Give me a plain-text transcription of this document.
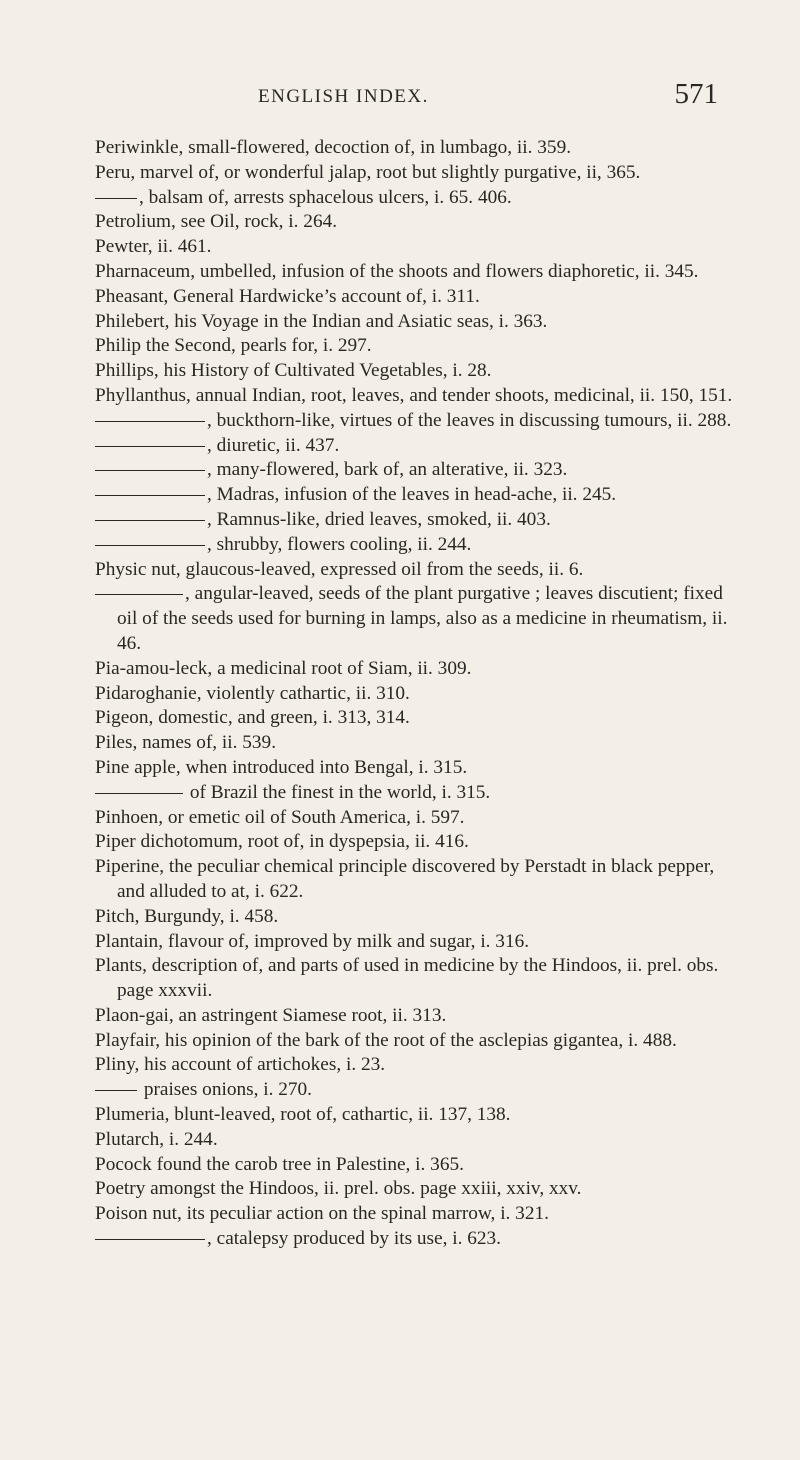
ENGLISH INDEX.	571

Periwinkle, small-flowered, decoction of, in lumbago, ii. 359.

Peru, marvel of, or wonderful jalap, root but slightly purgative, ii, 365.

, balsam of, arrests sphacelous ulcers, i. 65. 406.

Petrolium, see Oil, rock, i. 264.

Pewter, ii. 461.

Pharnaceum, umbelled, infusion of the shoots and flowers diaphoretic, ii. 345.

Pheasant, General Hardwicke’s account of, i. 311.

Philebert, his Voyage in the Indian and Asiatic seas, i. 363.

Philip the Second, pearls for, i. 297.

Phillips, his History of Cultivated Vegetables, i. 28.

Phyllanthus, annual Indian, root, leaves, and tender shoots, medicinal, ii. 150, 151.

, buckthorn-like, virtues of the leaves in discussing tumours, ii. 288.

, diuretic, ii. 437.

, many-flowered, bark of, an alterative, ii. 323.

, Madras, infusion of the leaves in head-ache, ii. 245.

, Ramnus-like, dried leaves, smoked, ii. 403.

, shrubby, flowers cooling, ii. 244.

Physic nut, glaucous-leaved, expressed oil from the seeds, ii. 6.

, angular-leaved, seeds of the plant purgative ; leaves discutient; fixed oil of the seeds used for burning in lamps, also as a medicine in rheumatism, ii. 46.

Pia-amou-leck, a medicinal root of Siam, ii. 309.

Pidaroghanie, violently cathartic, ii. 310.

Pigeon, domestic, and green, i. 313, 314.

Piles, names of, ii. 539.

Pine apple, when introduced into Bengal, i. 315.

of Brazil the finest in the world, i. 315.

Pinhoen, or emetic oil of South America, i. 597.

Piper dichotomum, root of, in dyspepsia, ii. 416.

Piperine, the peculiar chemical principle discovered by Perstadt in black pepper, and alluded to at, i. 622.

Pitch, Burgundy, i. 458.

Plantain, flavour of, improved by milk and sugar, i. 316.

Plants, description of, and parts of used in medicine by the Hindoos, ii. prel. obs. page xxxvii.

Plaon-gai, an astringent Siamese root, ii. 313.

Playfair, his opinion of the bark of the root of the asclepias gigantea, i. 488.

Pliny, his account of artichokes, i. 23.

praises onions, i. 270.

Plumeria, blunt-leaved, root of, cathartic, ii. 137, 138.

Plutarch, i. 244.

Pocock found the carob tree in Palestine, i. 365.

Poetry amongst the Hindoos, ii. prel. obs. page xxiii, xxiv, xxv.

Poison nut, its peculiar action on the spinal marrow, i. 321.

, catalepsy produced by its use, i. 623.
